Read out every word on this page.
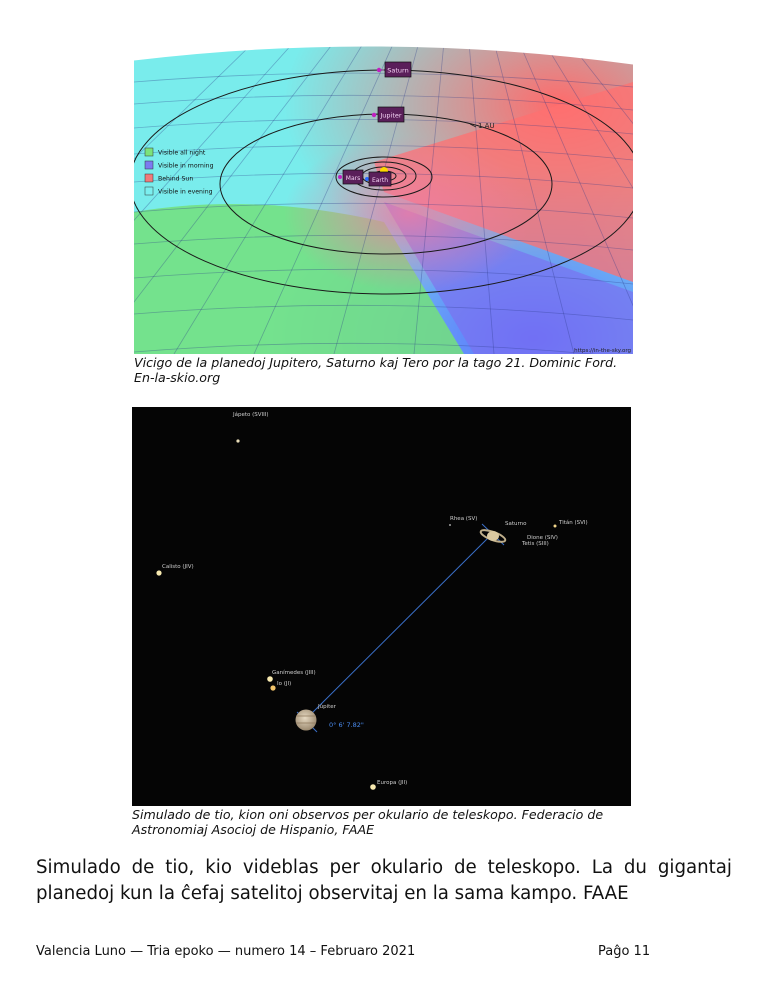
Saturn
Jupiter
1 AU
Mars Earth
Visible all night
Visible in morning
Behind Sun
Visible in evening
https://in-the-sky.org
Vicigo de la planedoj Jupitero, Saturno kaj Tero por la tago 21. Dominic Ford. En-la-skio.org
Jápeto (SVIII)
Rhea (SV)
Saturno	Titán (SVI)
Dione (SIV)
Tetis (SIII)
Calisto (JIV)
Ganímedes (JIII)
Io (JI)
Júpiter
0° 6' 7.82"
Europa (JII)
Simulado de tio, kion oni observos per okulario de teleskopo. Federacio de Astronomiaj Asocioj de Hispanio, FAAE
Simulado de tio, kio videblas per okulario de teleskopo. La du gigantaj planedoj kun la ĉefaj satelitoj observitaj en la sama kampo. FAAE
Valencia Luno — Tria epoko — numero 14 – Februaro 2021	Paĝo 11
